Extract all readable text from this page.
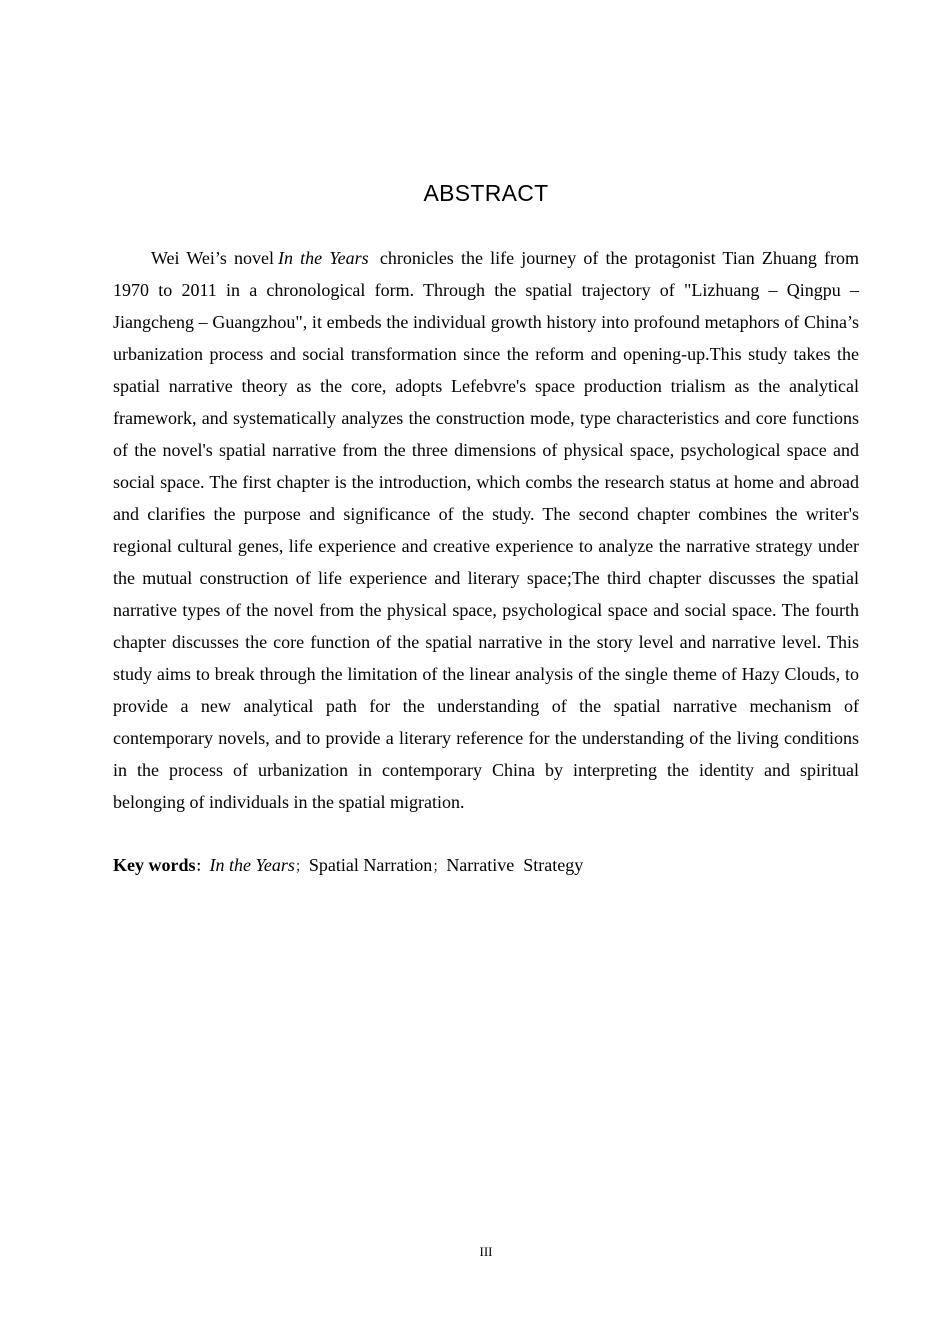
ABSTRACT

Wei Wei’s novel In the Years chronicles the life journey of the protagonist Tian Zhuang from 1970 to 2011 in a chronological form. Through the spatial trajectory of "Lizhuang – Qingpu – Jiangcheng – Guangzhou", it embeds the individual growth history into profound metaphors of China’s urbanization process and social transformation since the reform and opening-up.This study takes the spatial narrative theory as the core, adopts Lefebvre's space production trialism as the analytical framework, and systematically analyzes the construction mode, type characteristics and core functions of the novel's spatial narrative from the three dimensions of physical space, psychological space and social space. The first chapter is the introduction, which combs the research status at home and abroad and clarifies the purpose and significance of the study. The second chapter combines the writer's regional cultural genes, life experience and creative experience to analyze the narrative strategy under the mutual construction of life experience and literary space;The third chapter discusses the spatial narrative types of the novel from the physical space, psychological space and social space. The fourth chapter discusses the core function of the spatial narrative in the story level and narrative level. This study aims to break through the limitation of the linear analysis of the single theme of Hazy Clouds, to provide a new analytical path for the understanding of the spatial narrative mechanism of contemporary novels, and to provide a literary reference for the understanding of the living conditions in the process of urbanization in contemporary China by interpreting the identity and spiritual belonging of individuals in the spatial migration.

Key words：In the Years；Spatial Narration；Narrative  Strategy

III
